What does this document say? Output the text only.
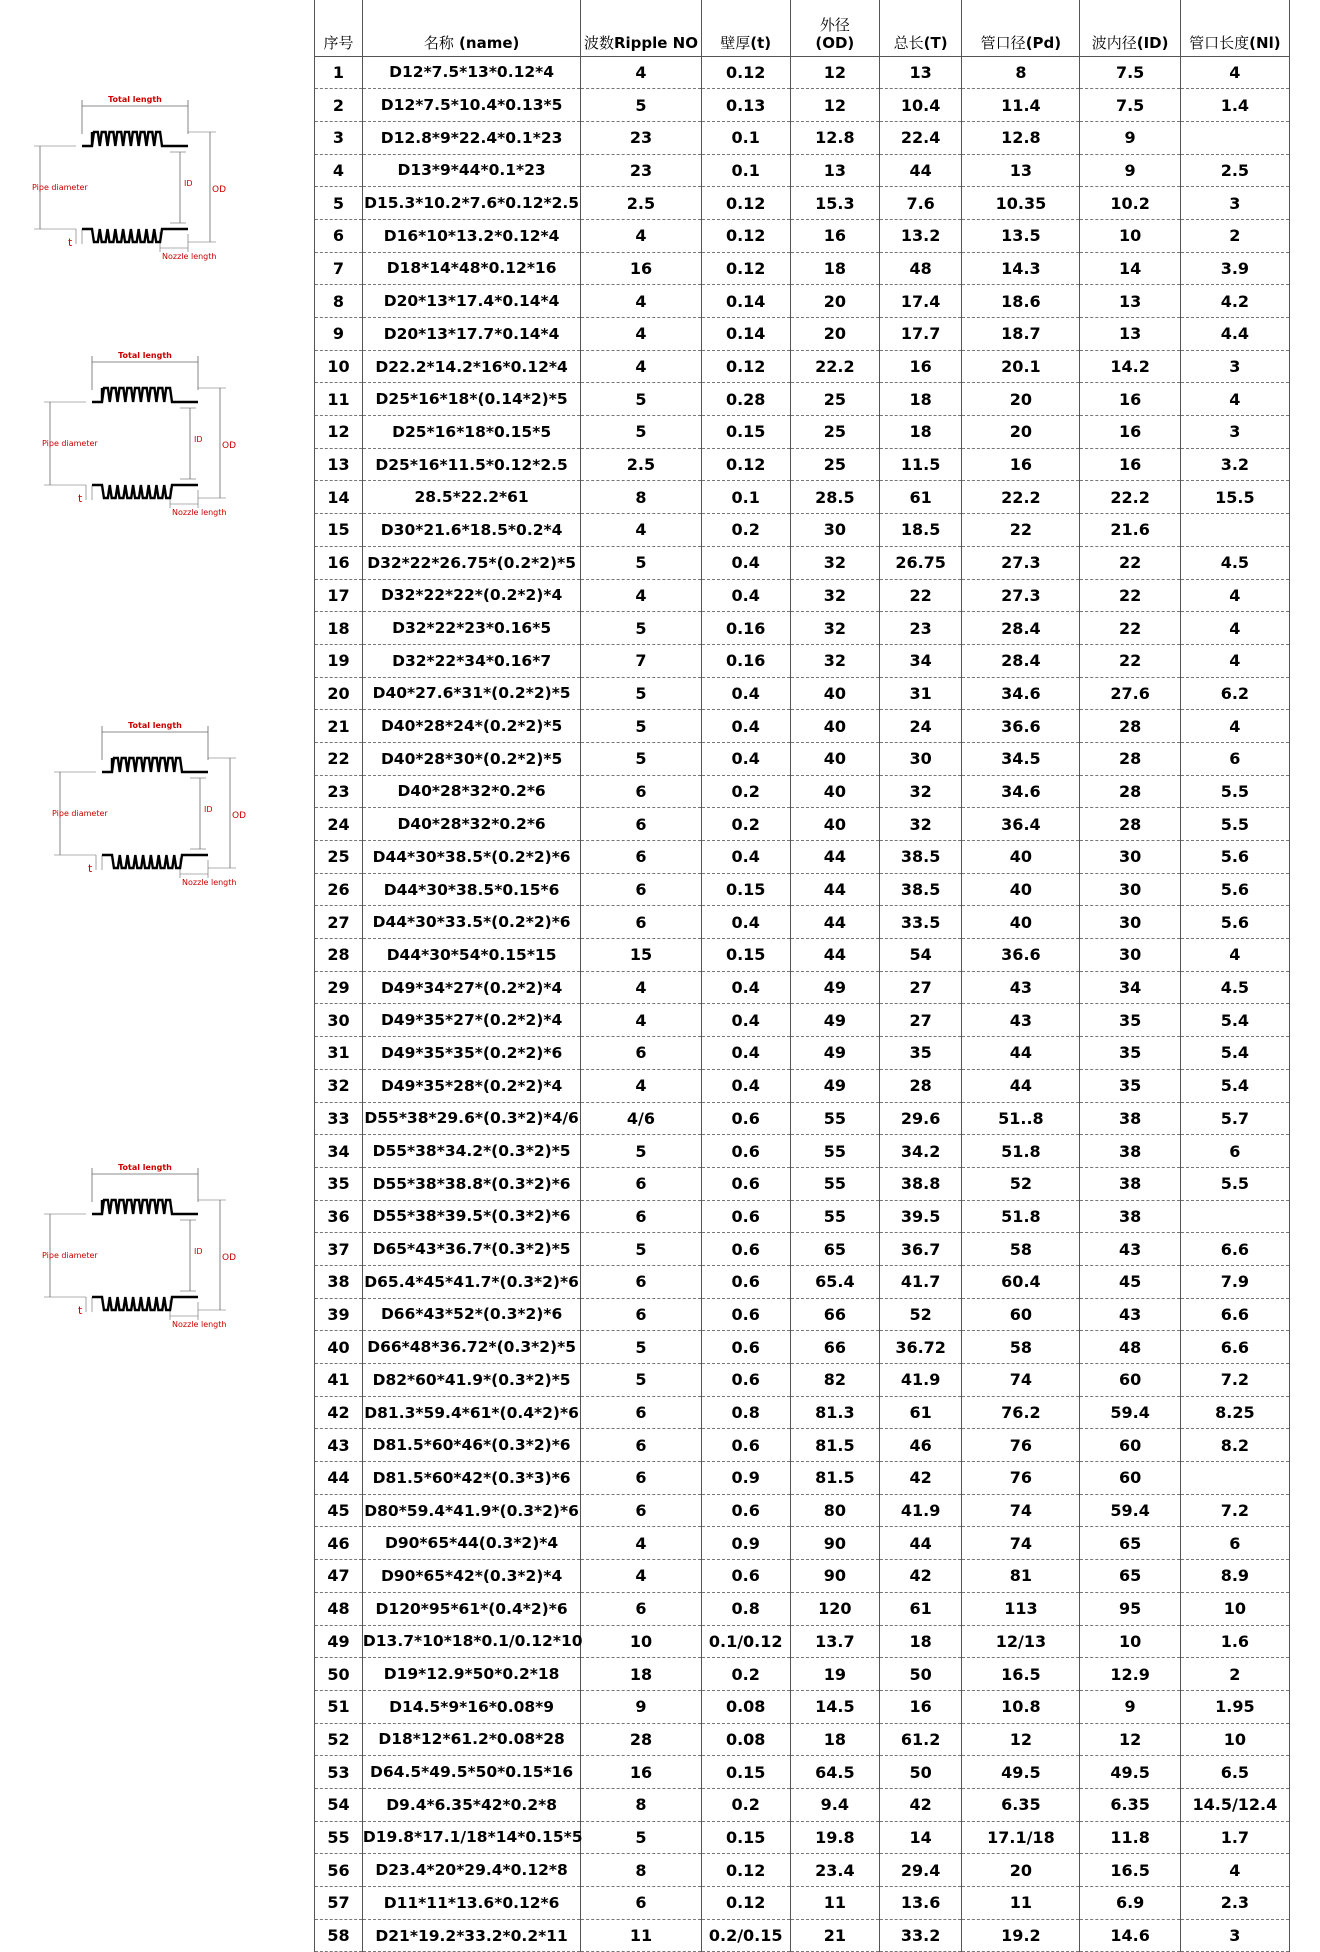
Total length
Pipe diameter	ID
OD
Nozzle length
t
Total length
Pipe diameter	ID
OD
Nozzle length
t
Total length
Pipe diameter	ID
OD
Nozzle length
t
Total length
Pipe diameter	ID
OD
Nozzle length
t
序号	名称 (name)	波数Ripple NO	壁厚(t)	外径
(OD)	总长(T)	管口径(Pd)	波内径(ID)	管口长度(Nl)
1	D12*7.5*13*0.12*4	4	0.12	12	13	8	7.5	4
2	D12*7.5*10.4*0.13*5	5	0.13	12	10.4	11.4	7.5	1.4
3	D12.8*9*22.4*0.1*23	23	0.1	12.8	22.4	12.8	9	
4	D13*9*44*0.1*23	23	0.1	13	44	13	9	2.5
5	D15.3*10.2*7.6*0.12*2.5	2.5	0.12	15.3	7.6	10.35	10.2	3
6	D16*10*13.2*0.12*4	4	0.12	16	13.2	13.5	10	2
7	D18*14*48*0.12*16	16	0.12	18	48	14.3	14	3.9
8	D20*13*17.4*0.14*4	4	0.14	20	17.4	18.6	13	4.2
9	D20*13*17.7*0.14*4	4	0.14	20	17.7	18.7	13	4.4
10	D22.2*14.2*16*0.12*4	4	0.12	22.2	16	20.1	14.2	3
11	D25*16*18*(0.14*2)*5	5	0.28	25	18	20	16	4
12	D25*16*18*0.15*5	5	0.15	25	18	20	16	3
13	D25*16*11.5*0.12*2.5	2.5	0.12	25	11.5	16	16	3.2
14	28.5*22.2*61	8	0.1	28.5	61	22.2	22.2	15.5
15	D30*21.6*18.5*0.2*4	4	0.2	30	18.5	22	21.6	
16	D32*22*26.75*(0.2*2)*5	5	0.4	32	26.75	27.3	22	4.5
17	D32*22*22*(0.2*2)*4	4	0.4	32	22	27.3	22	4
18	D32*22*23*0.16*5	5	0.16	32	23	28.4	22	4
19	D32*22*34*0.16*7	7	0.16	32	34	28.4	22	4
20	D40*27.6*31*(0.2*2)*5	5	0.4	40	31	34.6	27.6	6.2
21	D40*28*24*(0.2*2)*5	5	0.4	40	24	36.6	28	4
22	D40*28*30*(0.2*2)*5	5	0.4	40	30	34.5	28	6
23	D40*28*32*0.2*6	6	0.2	40	32	34.6	28	5.5
24	D40*28*32*0.2*6	6	0.2	40	32	36.4	28	5.5
25	D44*30*38.5*(0.2*2)*6	6	0.4	44	38.5	40	30	5.6
26	D44*30*38.5*0.15*6	6	0.15	44	38.5	40	30	5.6
27	D44*30*33.5*(0.2*2)*6	6	0.4	44	33.5	40	30	5.6
28	D44*30*54*0.15*15	15	0.15	44	54	36.6	30	4
29	D49*34*27*(0.2*2)*4	4	0.4	49	27	43	34	4.5
30	D49*35*27*(0.2*2)*4	4	0.4	49	27	43	35	5.4
31	D49*35*35*(0.2*2)*6	6	0.4	49	35	44	35	5.4
32	D49*35*28*(0.2*2)*4	4	0.4	49	28	44	35	5.4
33	D55*38*29.6*(0.3*2)*4/6	4/6	0.6	55	29.6	51..8	38	5.7
34	D55*38*34.2*(0.3*2)*5	5	0.6	55	34.2	51.8	38	6
35	D55*38*38.8*(0.3*2)*6	6	0.6	55	38.8	52	38	5.5
36	D55*38*39.5*(0.3*2)*6	6	0.6	55	39.5	51.8	38	
37	D65*43*36.7*(0.3*2)*5	5	0.6	65	36.7	58	43	6.6
38	D65.4*45*41.7*(0.3*2)*6	6	0.6	65.4	41.7	60.4	45	7.9
39	D66*43*52*(0.3*2)*6	6	0.6	66	52	60	43	6.6
40	D66*48*36.72*(0.3*2)*5	5	0.6	66	36.72	58	48	6.6
41	D82*60*41.9*(0.3*2)*5	5	0.6	82	41.9	74	60	7.2
42	D81.3*59.4*61*(0.4*2)*6	6	0.8	81.3	61	76.2	59.4	8.25
43	D81.5*60*46*(0.3*2)*6	6	0.6	81.5	46	76	60	8.2
44	D81.5*60*42*(0.3*3)*6	6	0.9	81.5	42	76	60	
45	D80*59.4*41.9*(0.3*2)*6	6	0.6	80	41.9	74	59.4	7.2
46	D90*65*44(0.3*2)*4	4	0.9	90	44	74	65	6
47	D90*65*42*(0.3*2)*4	4	0.6	90	42	81	65	8.9
48	D120*95*61*(0.4*2)*6	6	0.8	120	61	113	95	10
49	D13.7*10*18*0.1/0.12*10	10	0.1/0.12	13.7	18	12/13	10	1.6
50	D19*12.9*50*0.2*18	18	0.2	19	50	16.5	12.9	2
51	D14.5*9*16*0.08*9	9	0.08	14.5	16	10.8	9	1.95
52	D18*12*61.2*0.08*28	28	0.08	18	61.2	12	12	10
53	D64.5*49.5*50*0.15*16	16	0.15	64.5	50	49.5	49.5	6.5
54	D9.4*6.35*42*0.2*8	8	0.2	9.4	42	6.35	6.35	14.5/12.4
55	D19.8*17.1/18*14*0.15*5	5	0.15	19.8	14	17.1/18	11.8	1.7
56	D23.4*20*29.4*0.12*8	8	0.12	23.4	29.4	20	16.5	4
57	D11*11*13.6*0.12*6	6	0.12	11	13.6	11	6.9	2.3
58	D21*19.2*33.2*0.2*11	11	0.2/0.15	21	33.2	19.2	14.6	3
